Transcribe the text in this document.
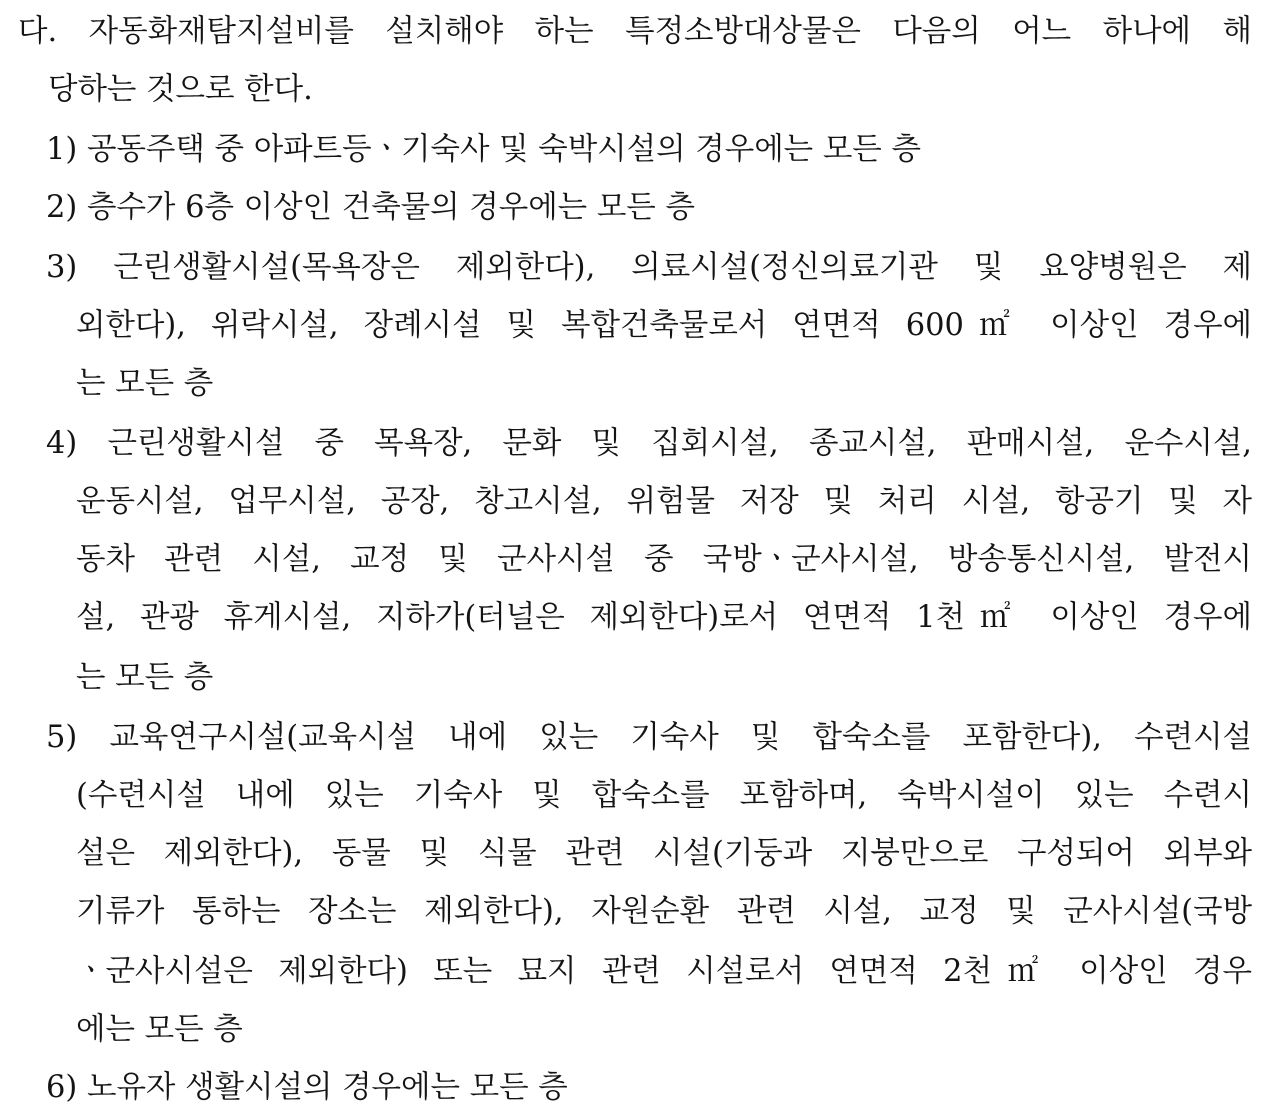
다. 자동화재탐지설비를 설치해야 하는 특정소방대상물은 다음의 어느 하나에 해
당하는 것으로 한다.
1) 공동주택 중 아파트등ㆍ기숙사 및 숙박시설의 경우에는 모든 층
2) 층수가 6층 이상인 건축물의 경우에는 모든 층
3) 근린생활시설(목욕장은 제외한다), 의료시설(정신의료기관 및 요양병원은 제
외한다), 위락시설, 장례시설 및 복합건축물로서 연면적 600㎡ 이상인 경우에
는 모든 층
4) 근린생활시설 중 목욕장, 문화 및 집회시설, 종교시설, 판매시설, 운수시설,
운동시설, 업무시설, 공장, 창고시설, 위험물 저장 및 처리 시설, 항공기 및 자
동차 관련 시설, 교정 및 군사시설 중 국방ㆍ군사시설, 방송통신시설, 발전시
설, 관광 휴게시설, 지하가(터널은 제외한다)로서 연면적 1천㎡ 이상인 경우에
는 모든 층
5) 교육연구시설(교육시설 내에 있는 기숙사 및 합숙소를 포함한다), 수련시설
(수련시설 내에 있는 기숙사 및 합숙소를 포함하며, 숙박시설이 있는 수련시
설은 제외한다), 동물 및 식물 관련 시설(기둥과 지붕만으로 구성되어 외부와
기류가 통하는 장소는 제외한다), 자원순환 관련 시설, 교정 및 군사시설(국방
ㆍ군사시설은 제외한다) 또는 묘지 관련 시설로서 연면적 2천㎡ 이상인 경우
에는 모든 층
6) 노유자 생활시설의 경우에는 모든 층
